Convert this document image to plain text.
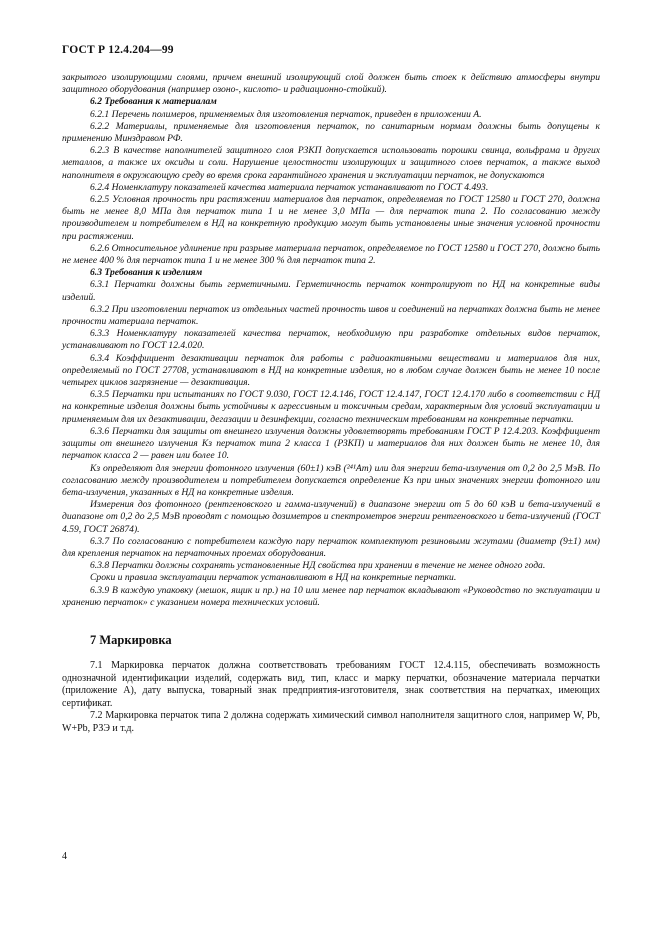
ГОСТ Р 12.4.204—99

закрытого изолирующими слоями, причем внешний изолирующий слой должен быть стоек к действию атмосферы внутри защитного оборудования (например озоно-, кислото- и радиационно-стойкий).

6.2 Требования к материалам

6.2.1 Перечень полимеров, применяемых для изготовления перчаток, приведен в приложении А.

6.2.2 Материалы, применяемые для изготовления перчаток, по санитарным нормам должны быть допущены к применению Минздравом РФ.

6.2.3 В качестве наполнителей защитного слоя РЗКП допускается использовать порошки свинца, вольфрама и других металлов, а также их оксиды и соли. Нарушение целостности изолирующих и защитного слоев перчаток, а также выход наполнителя в окружающую среду во время срока гарантийного хранения и эксплуатации перчаток, не допускаются

6.2.4 Номенклатуру показателей качества материала перчаток устанавливают по ГОСТ 4.493.

6.2.5 Условная прочность при растяжении материалов для перчаток, определяемая по ГОСТ 12580 и ГОСТ 270, должна быть не менее 8,0 МПа для перчаток типа 1 и не менее 3,0 МПа — для перчаток типа 2. По согласованию между производителем и потребителем в НД на конкретную продукцию могут быть установлены иные значения условной прочности при растяжении.

6.2.6 Относительное удлинение при разрыве материала перчаток, определяемое по ГОСТ 12580 и ГОСТ 270, должно быть не менее 400 % для перчаток типа 1 и не менее 300 % для перчаток типа 2.

6.3 Требования к изделиям

6.3.1 Перчатки должны быть герметичными. Герметичность перчаток контролируют по НД на конкретные виды изделий.

6.3.2 При изготовлении перчаток из отдельных частей прочность швов и соединений на перчатках должна быть не менее прочности материала перчаток.

6.3.3 Номенклатуру показателей качества перчаток, необходимую при разработке отдельных видов перчаток, устанавливают по ГОСТ 12.4.020.

6.3.4 Коэффициент дезактивации перчаток для работы с радиоактивными веществами и материалов для них, определяемый по ГОСТ 27708, устанавливают в НД на конкретные изделия, но в любом случае должен быть не менее 10 после четырех циклов загрязнение — дезактивация.

6.3.5 Перчатки при испытаниях по ГОСТ 9.030, ГОСТ 12.4.146, ГОСТ 12.4.147, ГОСТ 12.4.170 либо в соответствии с НД на конкретные изделия должны быть устойчивы к агрессивным и токсичным средам, характерным для условий эксплуатации и применяемым для их дезактивации, дегазации и дезинфекции, согласно техническим требованиям на конкретные перчатки.

6.3.6 Перчатки для защиты от внешнего излучения должны удовлетворять требованиям ГОСТ Р 12.4.203. Коэффициент защиты от внешнего излучения Кз перчаток типа 2 класса 1 (РЗКП) и материалов для них должен быть не менее 10, для перчаток класса 2 — равен или более 10.

Кз определяют для энергии фотонного излучения (60±1) кэВ (²⁴¹Am) или для энергии бета-излучения от 0,2 до 2,5 МэВ. По согласованию между производителем и потребителем допускается определение Кз при иных значениях энергии фотонного или бета-излучения, указанных в НД на конкретные изделия.

Измерения доз фотонного (рентгеновского и гамма-излучений) в диапазоне энергии от 5 до 60 кэВ и бета-излучений в диапазоне от 0,2 до 2,5 МэВ проводят с помощью дозиметров и спектрометров энергии рентгеновского и бета-излучений (ГОСТ 4.59, ГОСТ 26874).

6.3.7 По согласованию с потребителем каждую пару перчаток комплектуют резиновыми жгутами (диаметр (9±1) мм) для крепления перчаток на перчаточных проемах оборудования.

6.3.8 Перчатки должны сохранять установленные НД свойства при хранении в течение не менее одного года.

Сроки и правила эксплуатации перчаток устанавливают в НД на конкретные перчатки.

6.3.9 В каждую упаковку (мешок, ящик и пр.) на 10 или менее пар перчаток вкладывают «Руководство по эксплуатации и хранению перчаток» с указанием номера технических условий.

7 Маркировка

7.1 Маркировка перчаток должна соответствовать требованиям ГОСТ 12.4.115, обеспечивать возможность однозначной идентификации изделий, содержать вид, тип, класс и марку перчатки, обозначение материала перчатки (приложение А), дату выпуска, товарный знак предприятия-изготовителя, знак соответствия на перчатках, имеющих сертификат.

7.2 Маркировка перчаток типа 2 должна содержать химический символ наполнителя защитного слоя, например W, Pb, W+Pb, РЗЭ и т.д.

4
